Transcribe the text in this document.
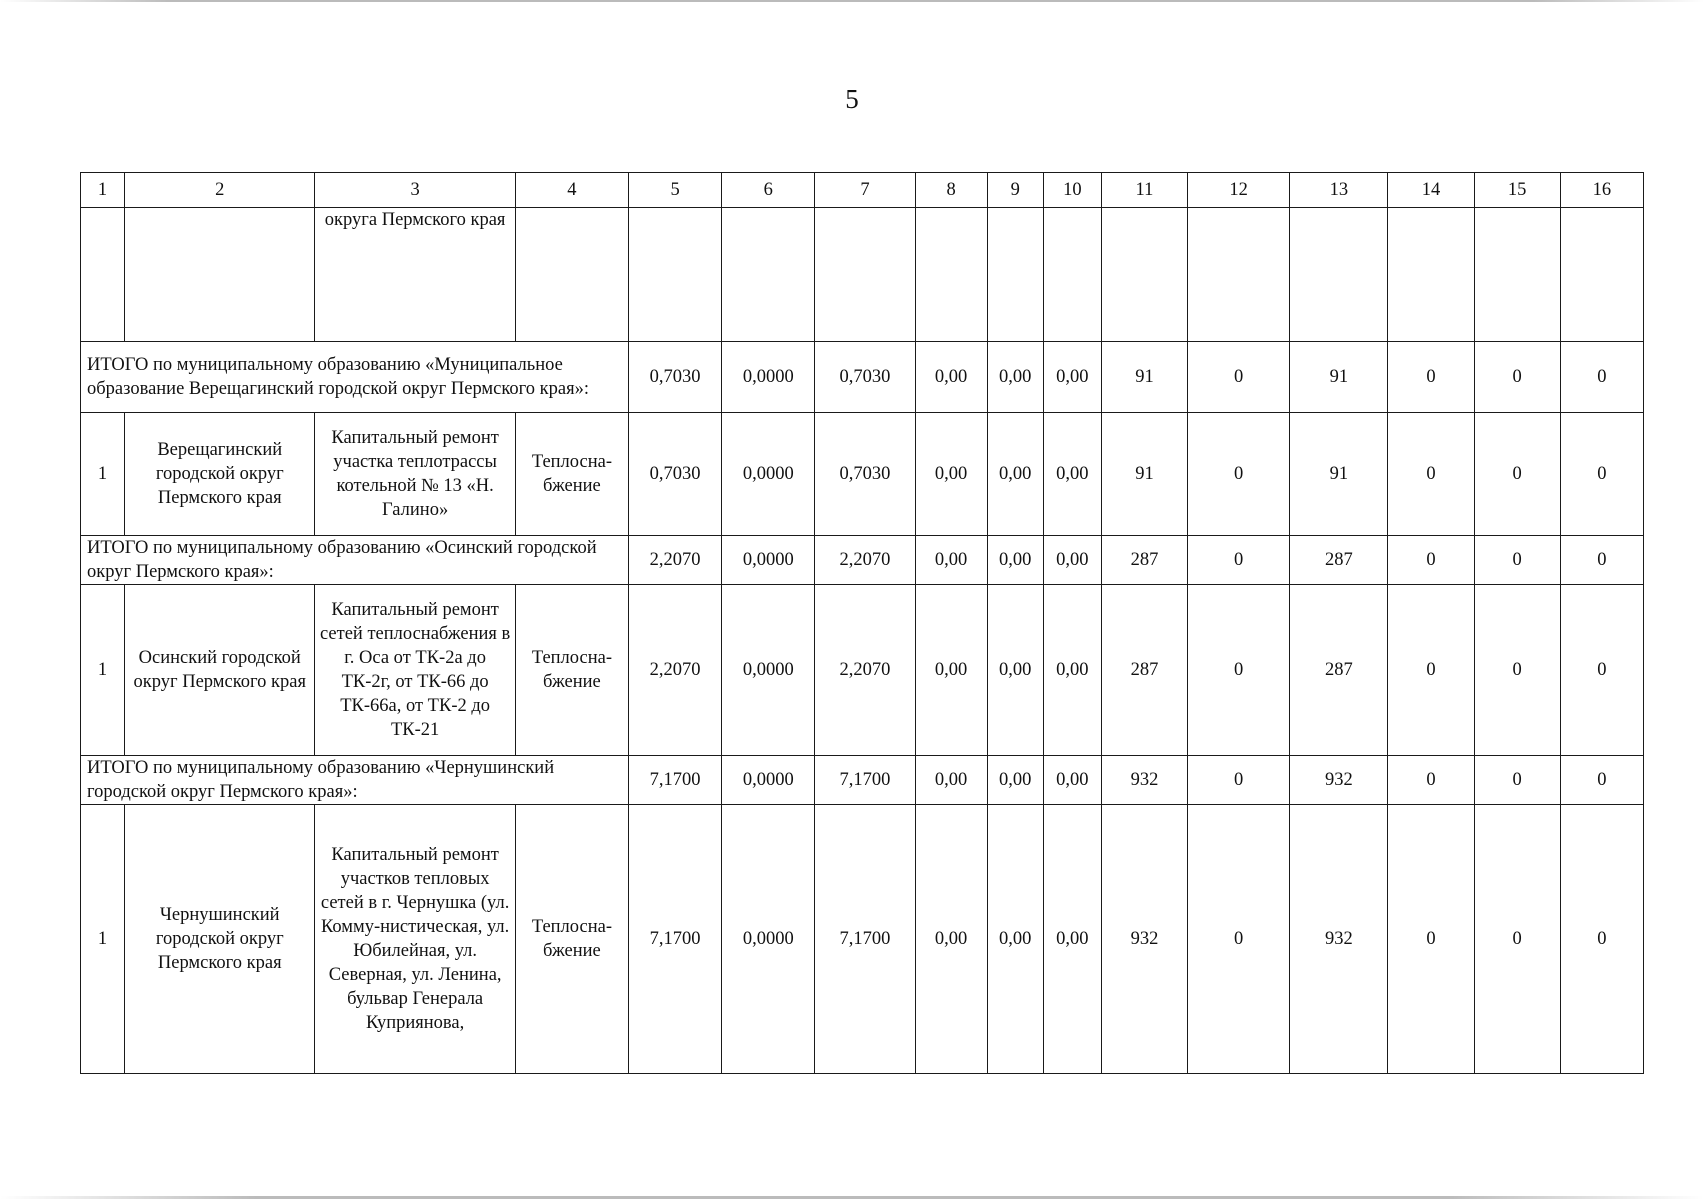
5
1	2	3	4	5	6	7	8	9	10	11	12	13	14	15	16
		округа Пермского края													
ИТОГО по муниципальному образованию «Муниципальное образование Верещагинский городской округ Пермского края»:				0,7030	0,0000	0,7030	0,00	0,00	0,00	91	0	91	0	0	0
1	Верещагинский городской округ Пермского края	Капитальный ремонт участка теплотрассы котельной № 13 «Н. Галино»	Теплосна-бжение	0,7030	0,0000	0,7030	0,00	0,00	0,00	91	0	91	0	0	0
ИТОГО по муниципальному образованию «Осинский городской округ Пермского края»:				2,2070	0,0000	2,2070	0,00	0,00	0,00	287	0	287	0	0	0
1	Осинский городской округ Пермского края	Капитальный ремонт сетей теплоснабжения в г. Оса от ТК-2а до ТК-2г, от ТК-66 до ТК-66а, от ТК-2 до ТК-21	Теплосна-бжение	2,2070	0,0000	2,2070	0,00	0,00	0,00	287	0	287	0	0	0
ИТОГО по муниципальному образованию «Чернушинский городской округ Пермского края»:				7,1700	0,0000	7,1700	0,00	0,00	0,00	932	0	932	0	0	0
1	Чернушинский городской округ Пермского края	Капитальный ремонт участков тепловых сетей в г. Чернушка (ул. Комму-нистическая, ул. Юбилейная, ул. Северная, ул. Ленина, бульвар Генерала Куприянова,	Теплосна-бжение	7,1700	0,0000	7,1700	0,00	0,00	0,00	932	0	932	0	0	0
